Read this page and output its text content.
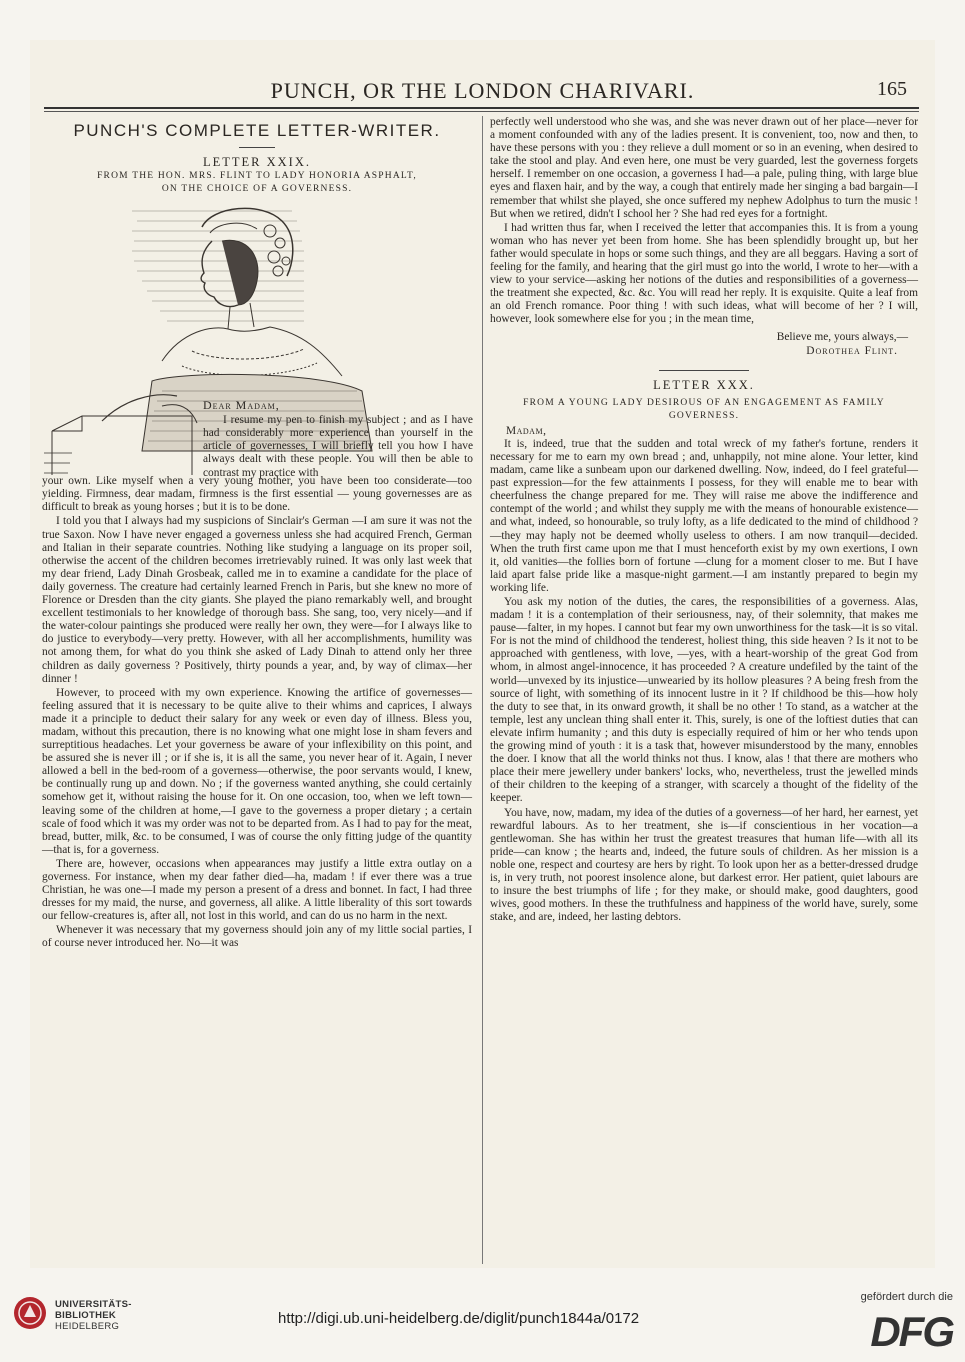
PUNCH, OR THE LONDON CHARIVARI.	165
PUNCH'S COMPLETE LETTER-WRITER.
LETTER XXIX.
FROM THE HON. MRS. FLINT TO LADY HONORIA ASPHALT,
ON THE CHOICE OF A GOVERNESS.
Dear Madam,

I resume my pen to finish my subject ; and as I have had considerably more experience than yourself in the article of governesses, I will briefly tell you how I have always dealt with these people. You will then be able to contrast my practice with

your own. Like myself when a very young mother, you have been too considerate—too yielding. Firmness, dear madam, firmness is the first essential — young governesses are as difficult to break as young horses ; but it is to be done.

I told you that I always had my suspicions of Sinclair's German —I am sure it was not the true Saxon. Now I have never engaged a governess unless she had acquired French, German and Italian in their separate countries. Nothing like studying a language on its proper soil, otherwise the accent of the children becomes irretrievably ruined. It was only last week that my dear friend, Lady Dinah Grosbeak, called me in to examine a candidate for the place of daily governess. The creature had certainly learned French in Paris, but she knew no more of Florence or Dresden than the city giants. She played the piano remarkably well, and brought excellent testimonials to her knowledge of thorough bass. She sang, too, very nicely—and if the water-colour paintings she produced were really her own, they were—for I always like to do justice to everybody—very pretty. However, with all her accomplishments, humility was not among them, for what do you think she asked of Lady Dinah to attend only her three children as daily governess ? Positively, thirty pounds a year, and, by way of climax—her dinner !

However, to proceed with my own experience. Knowing the artifice of governesses—feeling assured that it is necessary to be quite alive to their whims and caprices, I always made it a principle to deduct their salary for any week or even day of illness. Bless you, madam, without this precaution, there is no knowing what one might lose in sham fevers and surreptitious headaches. Let your governess be aware of your inflexibility on this point, and be assured she is never ill ; or if she is, it is all the same, you never hear of it. Again, I never allowed a bell in the bed-room of a governess—otherwise, the poor servants would, I knew, be continually rung up and down. No ; if the governess wanted anything, she could certainly somehow get it, without raising the house for it. On one occasion, too, when we left town—leaving some of the children at home,—I gave to the governess a proper dietary ; a certain scale of food which it was my order was not to be departed from. As I had to pay for the meat, bread, butter, milk, &c. to be consumed, I was of course the only fitting judge of the quantity—that is, for a governess.

There are, however, occasions when appearances may justify a little extra outlay on a governess. For instance, when my dear father died—ha, madam ! if ever there was a true Christian, he was one—I made my person a present of a dress and bonnet. In fact, I had three dresses for my maid, the nurse, and governess, all alike. A little liberality of this sort towards our fellow-creatures is, after all, not lost in this world, and can do us no harm in the next.

Whenever it was necessary that my governess should join any of my little social parties, I of course never introduced her. No—it was

perfectly well understood who she was, and she was never drawn out of her place—never for a moment confounded with any of the ladies present. It is convenient, too, now and then, to have these persons with you : they relieve a dull moment or so in an evening, when desired to take the stool and play. And even here, one must be very guarded, lest the governess forgets herself. I remember on one occasion, a governess I had—a pale, puling thing, with large blue eyes and flaxen hair, and by the way, a cough that entirely made her singing a bad bargain—I remember that whilst she played, she once suffered my nephew Adolphus to turn the music ! But when we retired, didn't I school her ? She had red eyes for a fortnight.

I had written thus far, when I received the letter that accompanies this. It is from a young woman who has never yet been from home. She has been splendidly brought up, but her father would speculate in hops or some such things, and they are all beggars. Having a sort of feeling for the family, and hearing that the girl must go into the world, I wrote to her—with a view to your service—asking her notions of the duties and responsibilities of a governess—the treatment she expected, &c. &c. You will read her reply. It is exquisite. Quite a leaf from an old French romance. Poor thing ! with such ideas, what will become of her ? I will, however, look somewhere else for you ; in the mean time,

Believe me, yours always,—
Dorothea Flint.
LETTER XXX.
FROM A YOUNG LADY DESIROUS OF AN ENGAGEMENT AS FAMILY
GOVERNESS.
Madam,

It is, indeed, true that the sudden and total wreck of my father's fortune, renders it necessary for me to earn my own bread ; and, unhappily, not mine alone. Your letter, kind madam, came like a sunbeam upon our darkened dwelling. Now, indeed, do I feel grateful—past expression—for the few attainments I possess, for they will enable me to bear with cheerfulness the change prepared for me. They will raise me above the indifference and contempt of the world ; and whilst they supply me with the means of honourable existence—and what, indeed, so honourable, so truly lofty, as a life dedicated to the mind of childhood ?—they may haply not be deemed wholly useless to others. I am now tranquil—decided. When the truth first came upon me that I must henceforth exist by my own exertions, I own it, old vanities—the follies born of fortune —clung for a moment closer to me. But I have laid apart false pride like a masque-night garment.—I am instantly prepared to begin my working life.

You ask my notion of the duties, the cares, the responsibilities of a governess. Alas, madam ! it is a contemplation of their seriousness, nay, of their solemnity, that makes me pause—falter, in my hopes. I cannot but fear my own unworthiness for the task—it is so vital. For is not the mind of childhood the tenderest, holiest thing, this side heaven ? Is it not to be approached with gentleness, with love, —yes, with a heart-worship of the great God from whom, in almost angel-innocence, it has proceeded ? A creature undefiled by the taint of the world—unvexed by its injustice—unwearied by its hollow pleasures ? A being fresh from the source of light, with something of its innocent lustre in it ? If childhood be this—how holy the duty to see that, in its onward growth, it shall be no other ! To stand, as a watcher at the temple, lest any unclean thing shall enter it. This, surely, is one of the loftiest duties that can elevate infirm humanity ; and this duty is especially required of him or her who tends upon the growing mind of youth : it is a task that, however misunderstood by the many, ennobles the doer. I know that all the world thinks not thus. I know, alas ! that there are mothers who place their mere jewellery under bankers' locks, who, nevertheless, trust the jewelled minds of their children to the keeping of a stranger, with scarcely a thought of the fidelity of the keeper.

You have, now, madam, my idea of the duties of a governess—of her hard, her earnest, yet rewardful labours. As to her treatment, she is—if conscientious in her vocation—a gentlewoman. She has within her trust the greatest treasures that human life—with all its pride—can know ; the hearts and, indeed, the future souls of children. As her mission is a noble one, respect and courtesy are hers by right. To look upon her as a better-dressed drudge is, in very truth, not poorest insolence alone, but darkest error. Her patient, quiet labours are to insure the best triumphs of life ; for they make, or should make, good daughters, good wives, good mothers. In these the truthfulness and happiness of the world have, surely, some stake, and are, indeed, her lasting debtors.

UNIVERSITÄTS-
BIBLIOTHEK
HEIDELBERG	http://digi.ub.uni-heidelberg.de/diglit/punch1844a/0172
gefördert durch die
DFG
